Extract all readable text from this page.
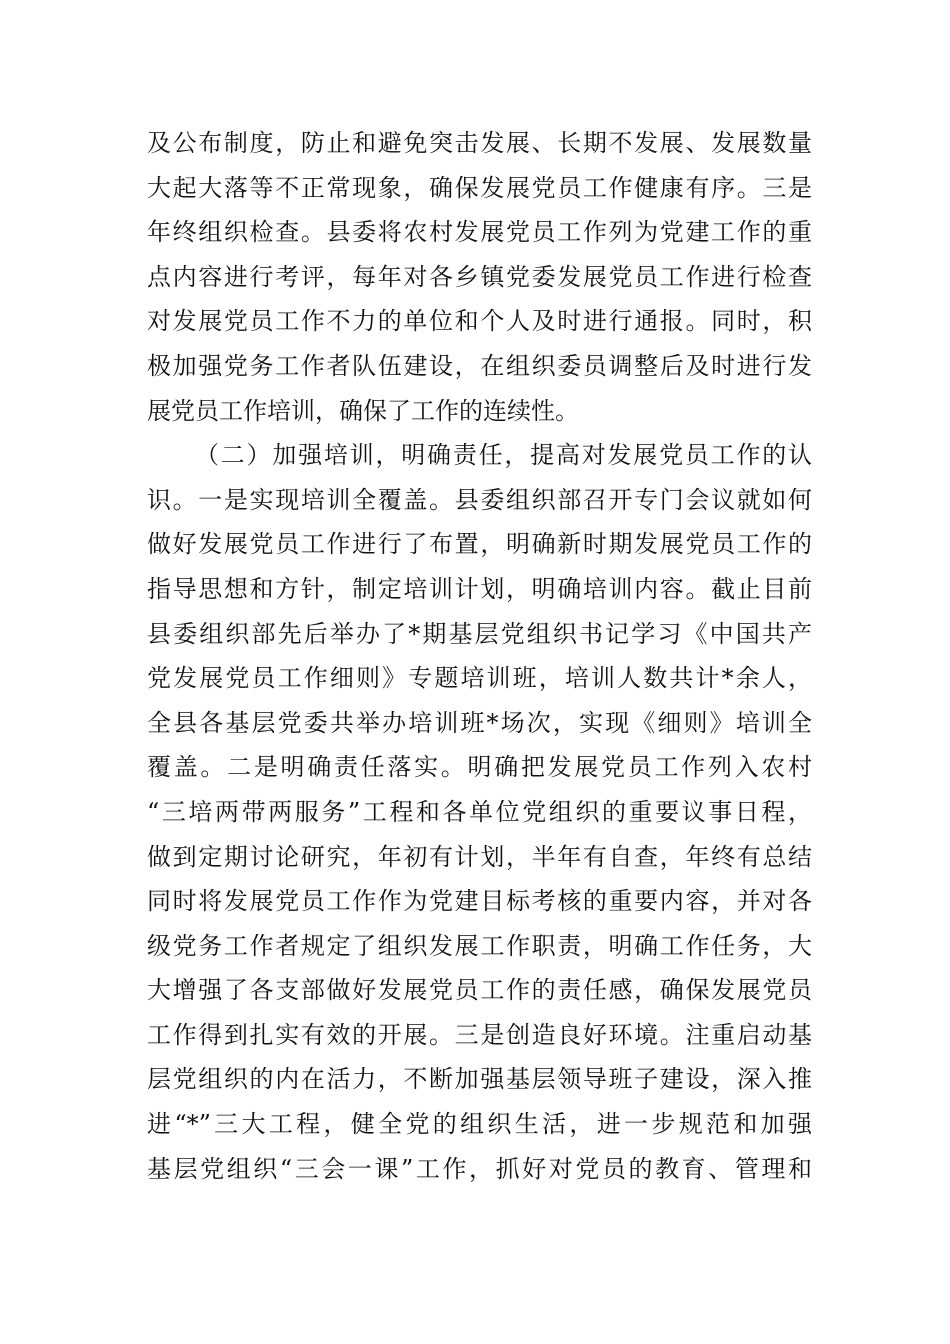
及公布制度，防止和避免突击发展、长期不发展、发展数量
大起大落等不正常现象，确保发展党员工作健康有序。三是
年终组织检查。县委将农村发展党员工作列为党建工作的重
点内容进行考评，每年对各乡镇党委发展党员工作进行检查
对发展党员工作不力的单位和个人及时进行通报。同时，积
极加强党务工作者队伍建设，在组织委员调整后及时进行发
展党员工作培训，确保了工作的连续性。
（二）加强培训，明确责任，提高对发展党员工作的认
识。一是实现培训全覆盖。县委组织部召开专门会议就如何
做好发展党员工作进行了布置，明确新时期发展党员工作的
指导思想和方针，制定培训计划，明确培训内容。截止目前
县委组织部先后举办了*期基层党组织书记学习《中国共产
党发展党员工作细则》专题培训班，培训人数共计*余人，
全县各基层党委共举办培训班*场次，实现《细则》培训全
覆盖。二是明确责任落实。明确把发展党员工作列入农村
“三培两带两服务”工程和各单位党组织的重要议事日程，
做到定期讨论研究，年初有计划，半年有自查，年终有总结
同时将发展党员工作作为党建目标考核的重要内容，并对各
级党务工作者规定了组织发展工作职责，明确工作任务，大
大增强了各支部做好发展党员工作的责任感，确保发展党员
工作得到扎实有效的开展。三是创造良好环境。注重启动基
层党组织的内在活力，不断加强基层领导班子建设，深入推
进“*”三大工程，健全党的组织生活，进一步规范和加强
基层党组织“三会一课”工作，抓好对党员的教育、管理和
